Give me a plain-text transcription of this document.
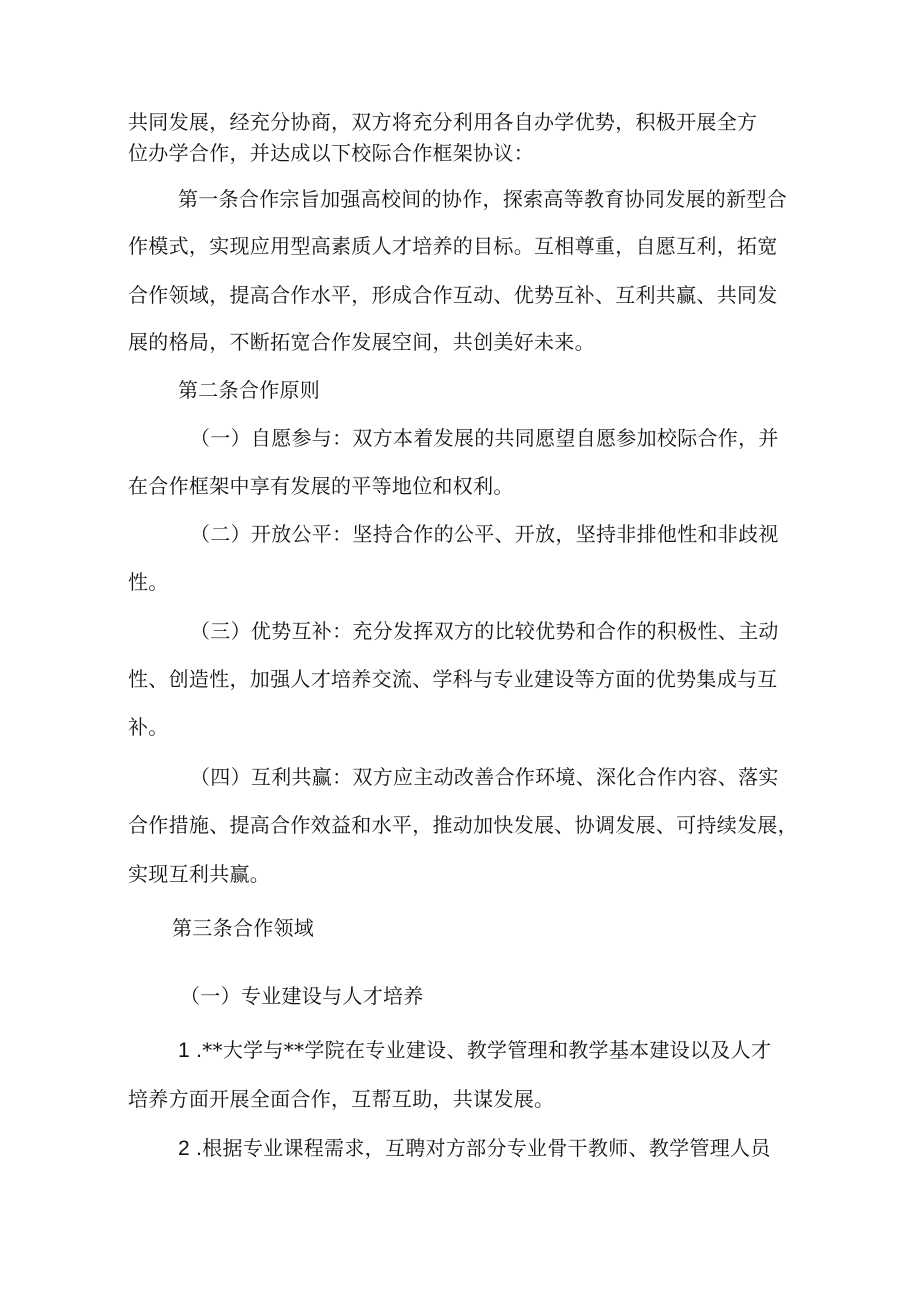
共同发展，经充分协商，双方将充分利用各自办学优势，积极开展全方
位办学合作，并达成以下校际合作框架协议：
第一条合作宗旨加强高校间的协作，探索高等教育协同发展的新型合
作模式，实现应用型高素质人才培养的目标。互相尊重，自愿互利，拓宽
合作领域，提高合作水平，形成合作互动、优势互补、互利共赢、共同发
展的格局，不断拓宽合作发展空间，共创美好未来。
第二条合作原则
（一）自愿参与：双方本着发展的共同愿望自愿参加校际合作，并
在合作框架中享有发展的平等地位和权利。
（二）开放公平：坚持合作的公平、开放，坚持非排他性和非歧视
性。
（三）优势互补：充分发挥双方的比较优势和合作的积极性、主动
性、创造性，加强人才培养交流、学科与专业建设等方面的优势集成与互
补。
（四）互利共赢：双方应主动改善合作环境、深化合作内容、落实
合作措施、提高合作效益和水平，推动加快发展、协调发展、可持续发展，
实现互利共赢。
第三条合作领域
（一）专业建设与人才培养
1 .**大学与**学院在专业建设、教学管理和教学基本建设以及人才
培养方面开展全面合作，互帮互助，共谋发展。
2 .根据专业课程需求，互聘对方部分专业骨干教师、教学管理人员
